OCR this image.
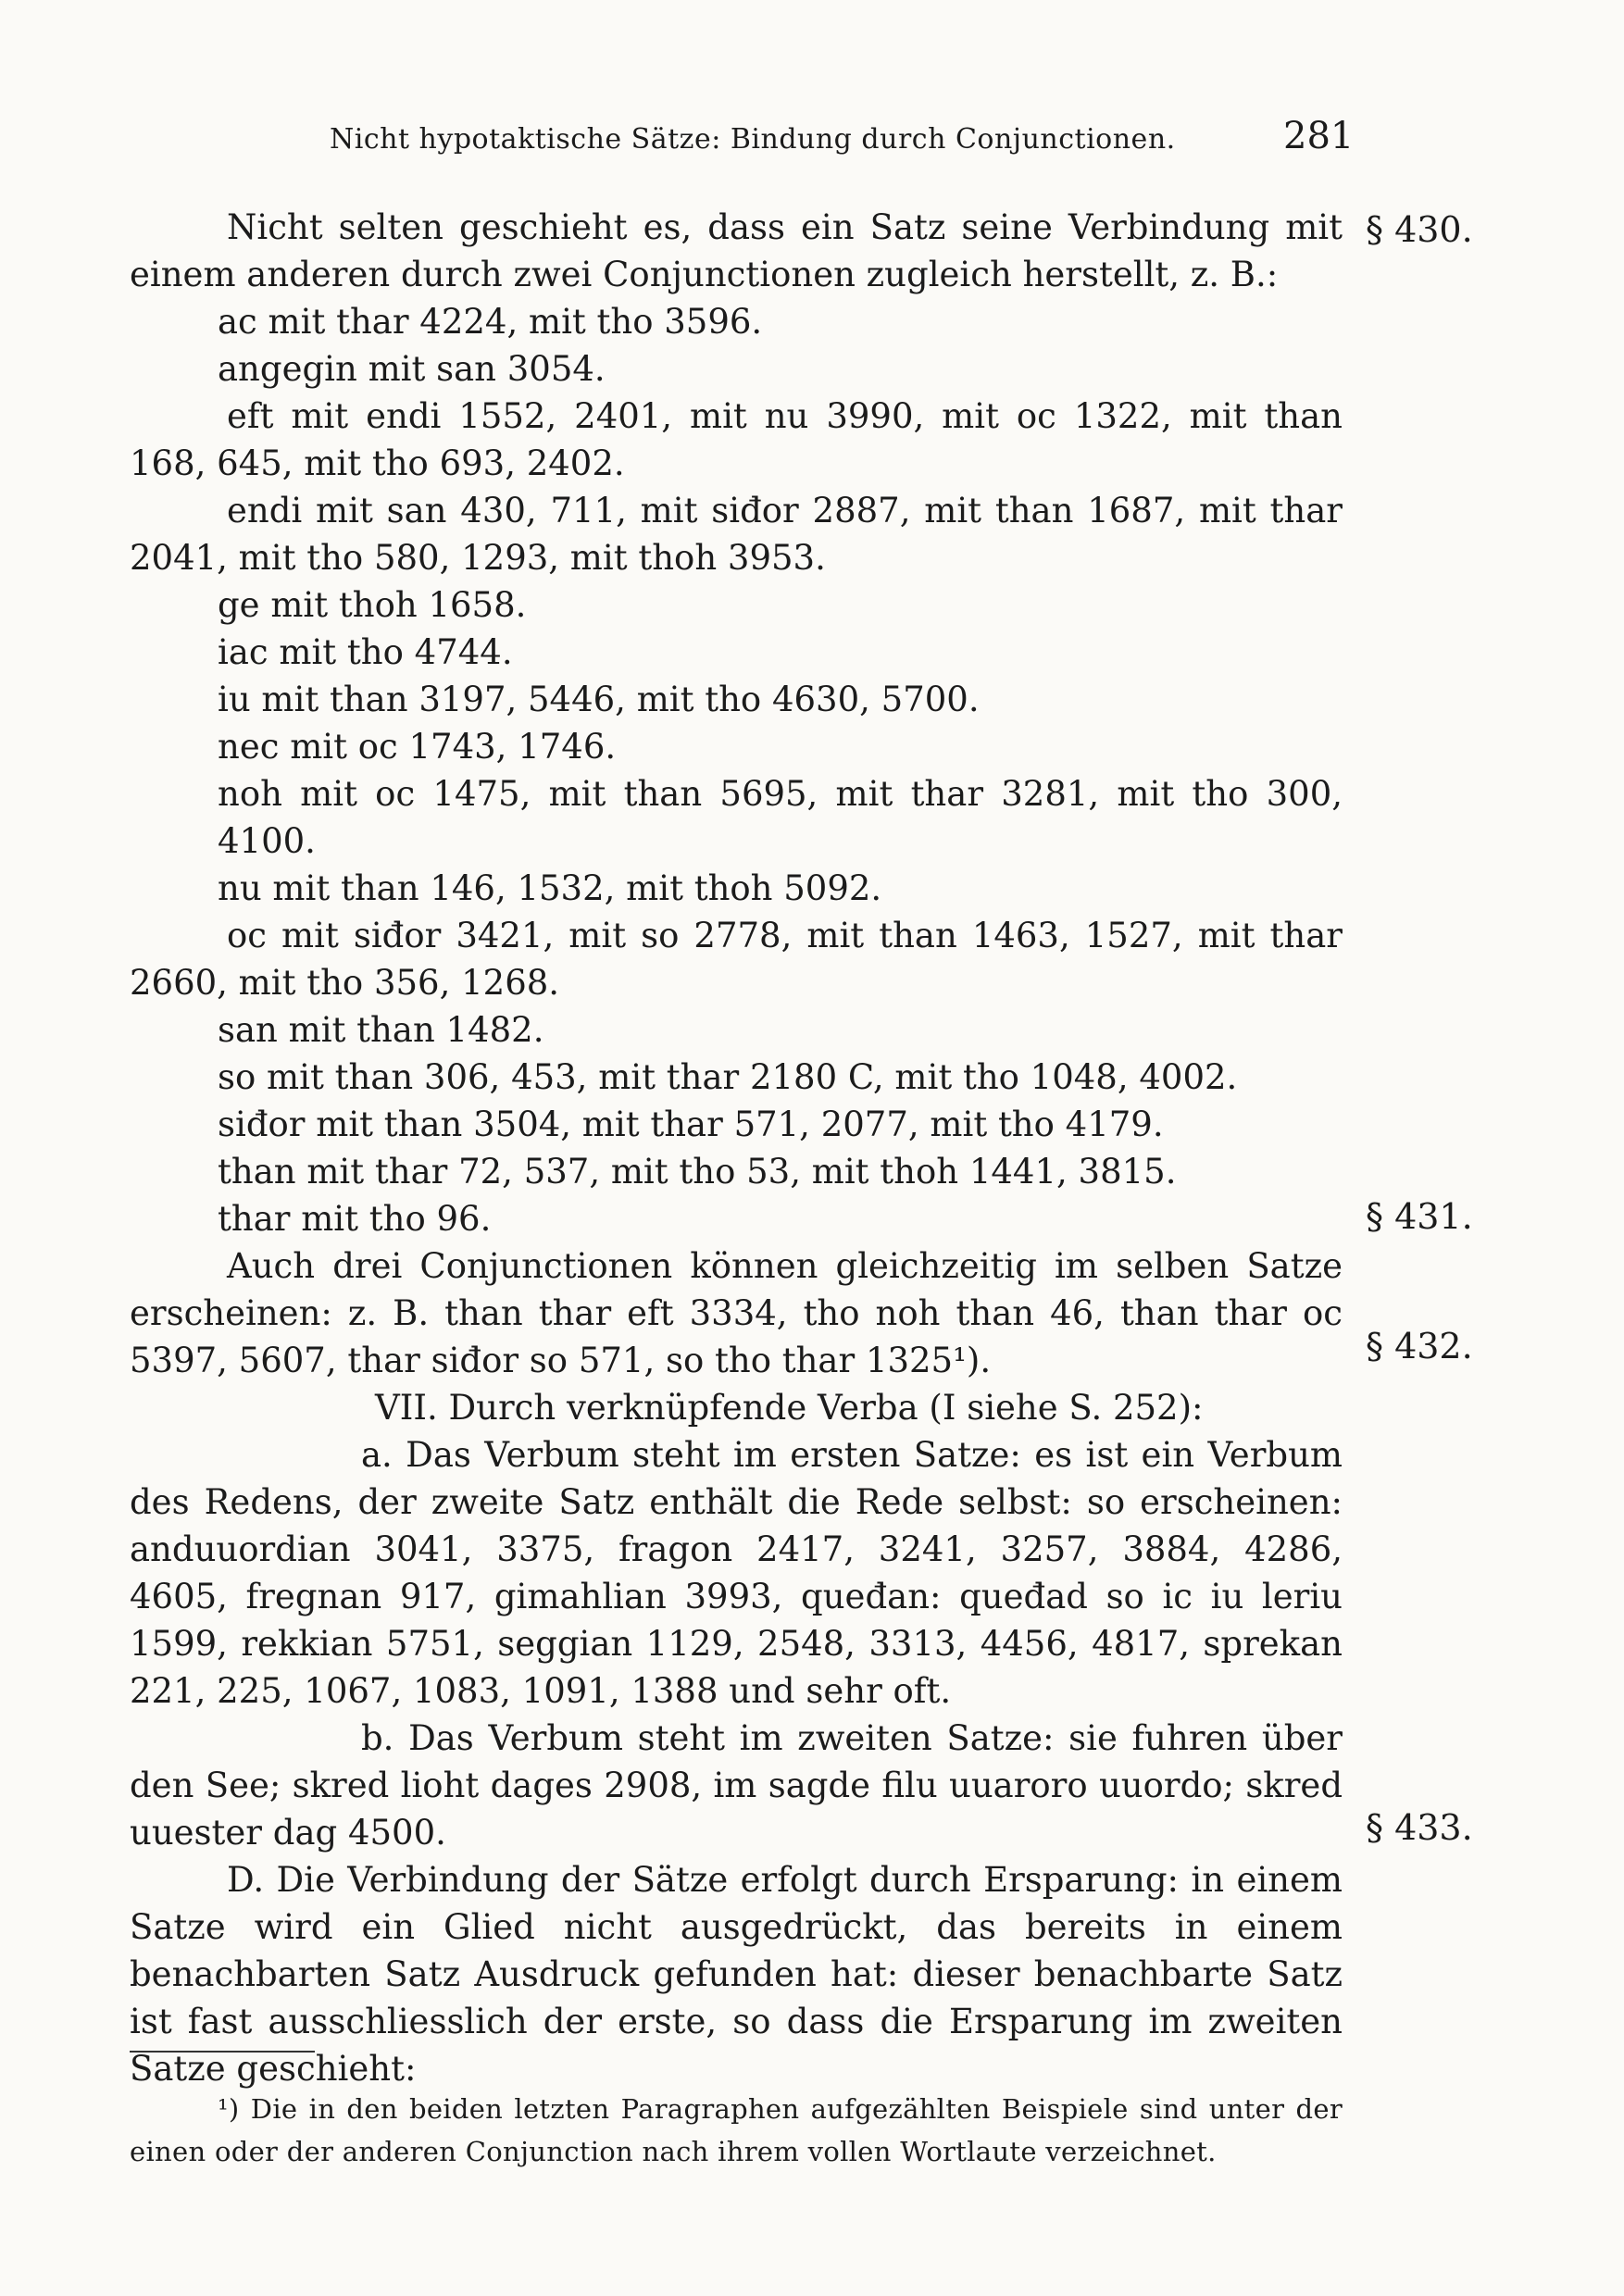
Nicht hypotaktische Sätze: Bindung durch Conjunctionen.	281
§ 430.
§ 431.
§ 432.
§ 433.

Nicht selten geschieht es, dass ein Satz seine Verbindung mit einem anderen durch zwei Conjunctionen zugleich herstellt, z. B.:

ac mit thar 4224, mit tho 3596.

angegin mit san 3054.

eft mit endi 1552, 2401, mit nu 3990, mit oc 1322, mit than 168, 645, mit tho 693, 2402.

endi mit san 430, 711, mit siđor 2887, mit than 1687, mit thar 2041, mit tho 580, 1293, mit thoh 3953.

ge mit thoh 1658.

iac mit tho 4744.

iu mit than 3197, 5446, mit tho 4630, 5700.

nec mit oc 1743, 1746.

noh mit oc 1475, mit than 5695, mit thar 3281, mit tho 300, 4100.

nu mit than 146, 1532, mit thoh 5092.

oc mit siđor 3421, mit so 2778, mit than 1463, 1527, mit thar 2660, mit tho 356, 1268.

san mit than 1482.

so mit than 306, 453, mit thar 2180 C, mit tho 1048, 4002.

siđor mit than 3504, mit thar 571, 2077, mit tho 4179.

than mit thar 72, 537, mit tho 53, mit thoh 1441, 3815.

thar mit tho 96.

Auch drei Conjunctionen können gleichzeitig im selben Satze erscheinen: z. B. than thar eft 3334, tho noh than 46, than thar oc 5397, 5607, thar siđor so 571, so tho thar 1325¹).

VII. Durch verknüpfende Verba (I siehe S. 252):

a. Das Verbum steht im ersten Satze: es ist ein Verbum des Redens, der zweite Satz enthält die Rede selbst: so erscheinen: anduuordian 3041, 3375, fragon 2417, 3241, 3257, 3884, 4286, 4605, fregnan 917, gimahlian 3993, queđan: queđad so ic iu leriu 1599, rekkian 5751, seggian 1129, 2548, 3313, 4456, 4817, sprekan 221, 225, 1067, 1083, 1091, 1388 und sehr oft.

b. Das Verbum steht im zweiten Satze: sie fuhren über den See; skred lioht dages 2908, im sagde filu uuaroro uuordo; skred uuester dag 4500.

D. Die Verbindung der Sätze erfolgt durch Ersparung: in einem Satze wird ein Glied nicht ausgedrückt, das bereits in einem benachbarten Satz Ausdruck gefunden hat: dieser benachbarte Satz ist fast ausschliesslich der erste, so dass die Ersparung im zweiten Satze geschieht:

¹) Die in den beiden letzten Paragraphen aufgezählten Beispiele sind unter der einen oder der anderen Conjunction nach ihrem vollen Wortlaute verzeichnet.
